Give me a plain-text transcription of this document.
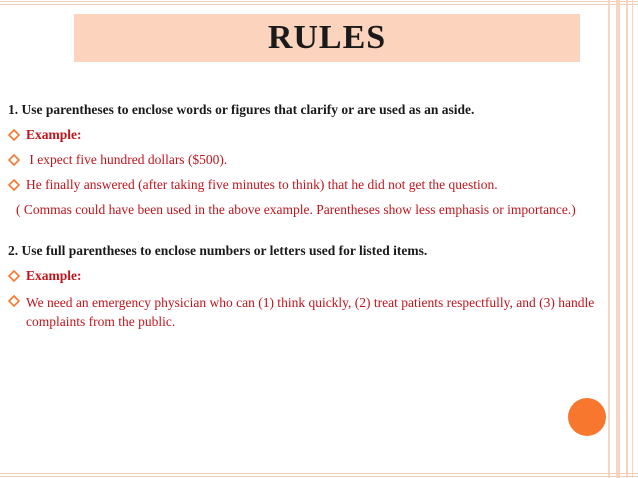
RULES
1. Use parentheses to enclose words or figures that clarify or are used as an aside.
Example:
I expect five hundred dollars ($500).
He finally answered (after taking five minutes to think) that he did not get the question.
( Commas could have been used in the above example. Parentheses show less emphasis or importance.)
2. Use full parentheses to enclose numbers or letters used for listed items.
Example:
We need an emergency physician who can (1) think quickly, (2) treat patients respectfully, and (3) handle complaints from the public.
